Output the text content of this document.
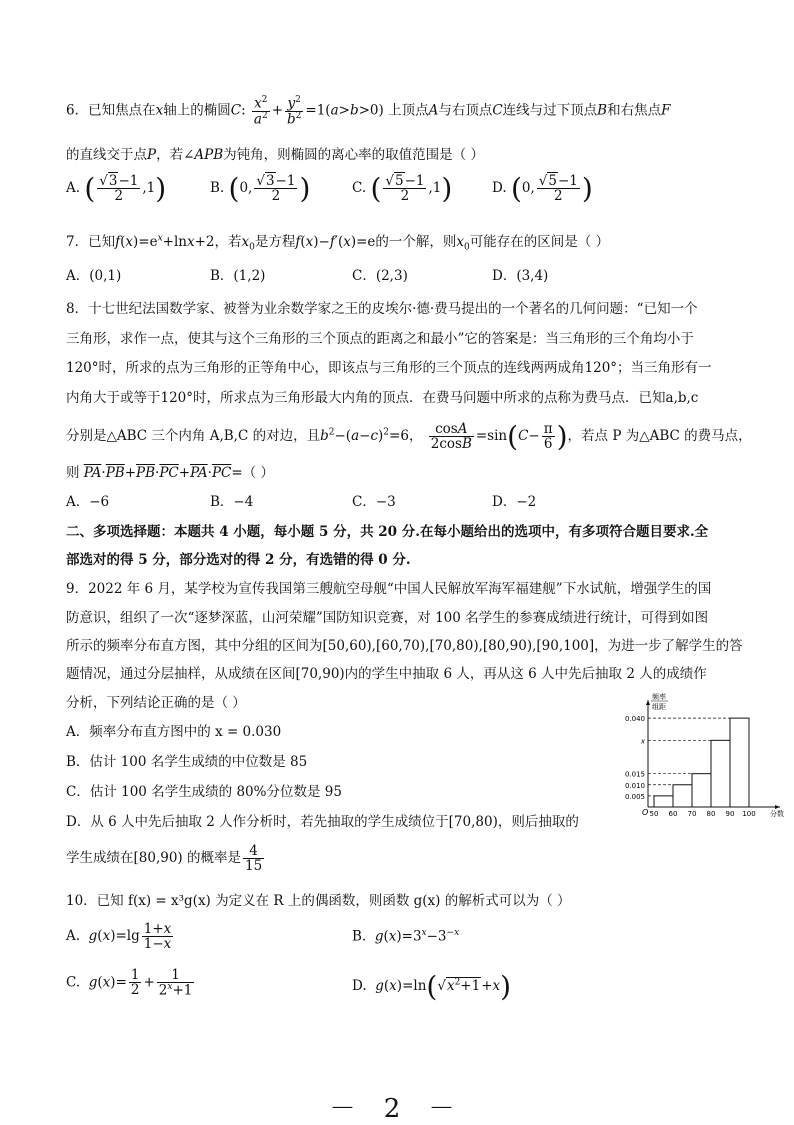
6．已知焦点在x轴上的椭圆C: $\frac{x^2}{a^2} + \frac{y^2}{b^2} =1(a>b>0)$ 上顶点A与右顶点C连线与过下顶点B和右焦点F
的直线交于点P，若∠APB为钝角，则椭圆的离心率的取值范围是（ ）
A. ( $\frac{√3-1}{2} ,1$)	B. (0, $\frac{√3-1}{2}$ )	C. ( $\frac{√5-1}{2} ,1$)	D. (0, $\frac{√5-1}{2}$ )
7．已知$f(x)=e^x+\ln x+2$，若$x_0$是方程f(x)−f′(x)=e的一个解，则$x_0$可能存在的区间是（ ）
A．(0,1)	B．(1,2)	C．(2,3)	D．(3,4)
8．十七世纪法国数学家、被誉为业余数学家之王的皮埃尔·德·费马提出的一个著名的几何问题：“已知一个
三角形，求作一点，使其与这个三角形的三个顶点的距离之和最小”它的答案是：当三角形的三个角均小于
120°时，所求的点为三角形的正等角中心，即该点与三角形的三个顶点的连线两两成角120°；当三角形有一
内角大于或等于120°时，所求点为三角形最大内角的顶点．在费马问题中所求的点称为费马点．已知a,b,c
分别是△ABC 三个内角 A,B,C 的对边，且$b^2-(a-c)^2=6$， $\frac{\cos A}{2\cos B} =\sin(C- \frac{\pi}{6}$ )，若点 P 为△ABC 的费马点，
则 $\overline{PA}\cdot\overline{PB}+\overline{PB}\cdot\overline{PC}+\overline{PA}\cdot\overline{PC}=$（ ）
A．−6	B．−4	C．−3	D．−2
二、多项选择题：本题共 4 小题，每小题 5 分，共 20 分.在每小题给出的选项中，有多项符合题目要求.全
部选对的得 5 分，部分选对的得 2 分，有选错的得 0 分.
9．2022 年 6 月，某学校为宣传我国第三艘航空母舰“中国人民解放军海军福建舰”下水试航，增强学生的国
防意识，组织了一次“逐梦深蓝，山河荣耀”国防知识竞赛，对 100 名学生的参赛成绩进行统计，可得到如图
所示的频率分布直方图，其中分组的区间为[50,60),[60,70),[70,80),[80,90),[90,100]，为进一步了解学生的答
题情况，通过分层抽样，从成绩在区间[70,90)内的学生中抽取 6 人，再从这 6 人中先后抽取 2 人的成绩作
分析，下列结论正确的是（ ）
A．频率分布直方图中的 x = 0.030
B．估计 100 名学生成绩的中位数是 85
C．估计 100 名学生成绩的 80%分位数是 95
D．从 6 人中先后抽取 2 人作分析时，若先抽取的学生成绩位于[70,80)，则后抽取的
学生成绩在[80,90) 的概率是 $\frac{4}{15}$
0.040
x
0.015
0.010
0.005
50 60 70 80 90 100
O	分数
频率
组距
10．已知 f(x) = x³g(x) 为定义在 R 上的偶函数，则函数 g(x) 的解析式可以为（ ）
A. $g(x)=\lg \frac{1+x}{1-x}$	B. $g(x)=3^x-3^{-x}$
C. $g(x)= \frac{1}{2} + \frac{1}{2^x+1}$	D. $g(x)=\ln(√x^2+1+x)$
－ 2 －
